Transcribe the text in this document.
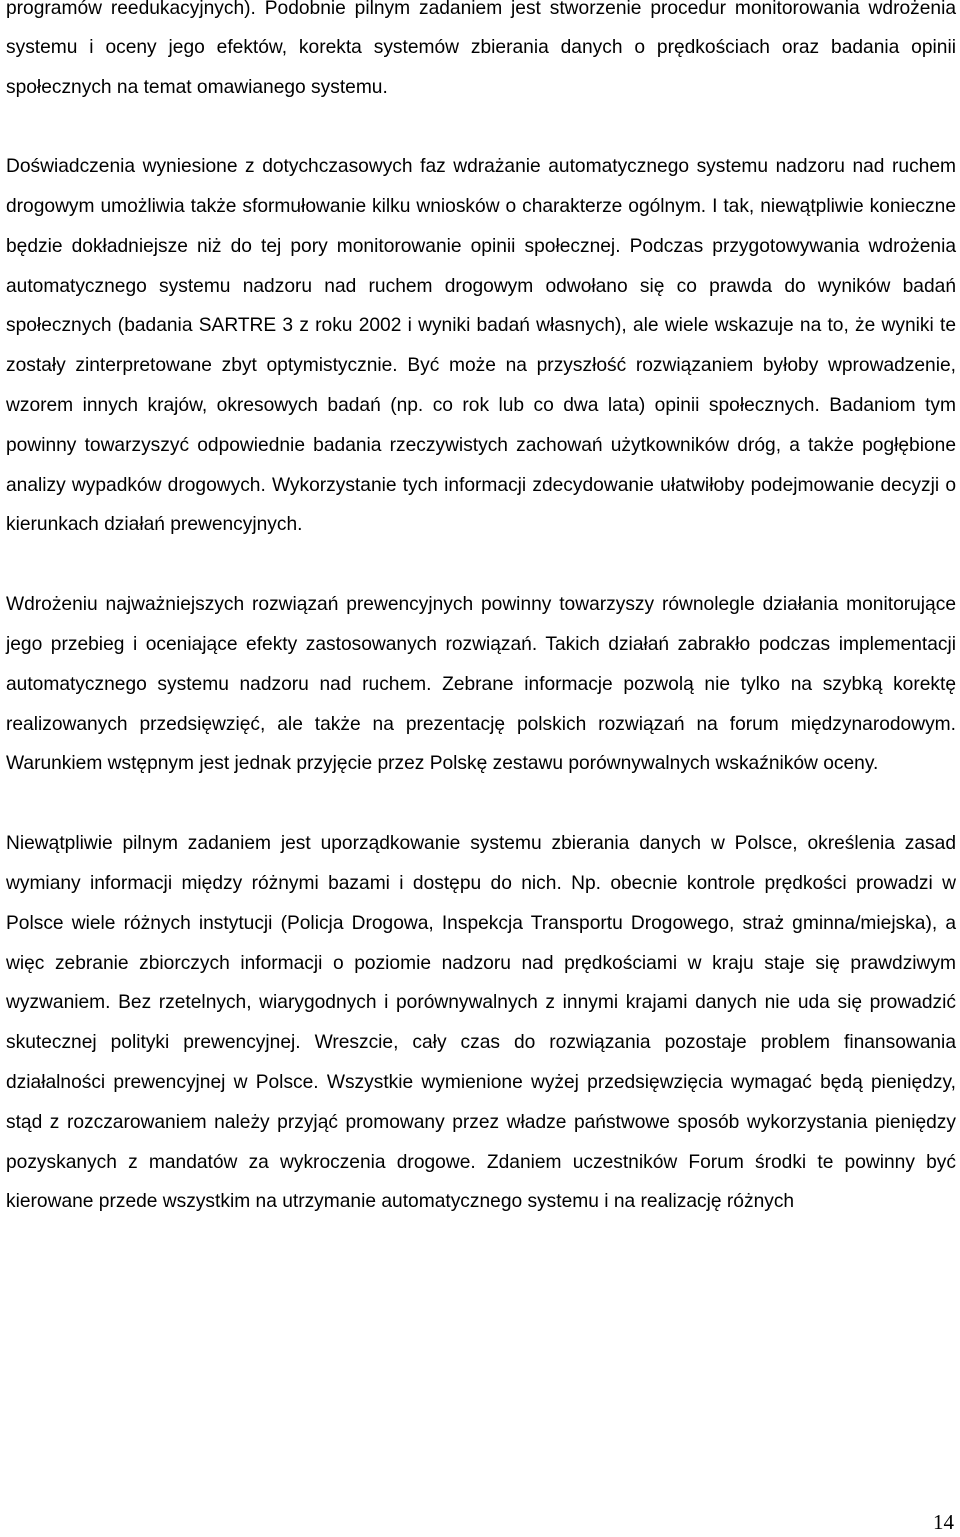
programów reedukacyjnych). Podobnie pilnym zadaniem jest stworzenie procedur monitorowania wdrożenia systemu i oceny jego efektów, korekta systemów zbierania danych o prędkościach oraz badania opinii społecznych na temat omawianego systemu.

Doświadczenia wyniesione z dotychczasowych faz wdrażanie automatycznego systemu nadzoru nad ruchem drogowym umożliwia także sformułowanie kilku wniosków o charakterze ogólnym. I tak, niewątpliwie konieczne będzie dokładniejsze niż do tej pory monitorowanie opinii społecznej. Podczas przygotowywania wdrożenia automatycznego systemu nadzoru nad ruchem drogowym odwołano się co prawda do wyników badań społecznych (badania SARTRE 3 z roku 2002 i wyniki badań własnych), ale wiele wskazuje na to, że wyniki te zostały zinterpretowane zbyt optymistycznie. Być może na przyszłość rozwiązaniem byłoby wprowadzenie, wzorem innych krajów, okresowych badań (np. co rok lub co dwa lata) opinii społecznych. Badaniom tym powinny towarzyszyć odpowiednie badania rzeczywistych zachowań użytkowników dróg, a także pogłębione analizy wypadków drogowych. Wykorzystanie tych informacji zdecydowanie ułatwiłoby podejmowanie decyzji o kierunkach działań prewencyjnych.

Wdrożeniu najważniejszych rozwiązań prewencyjnych powinny towarzyszy równolegle działania monitorujące jego przebieg i oceniające efekty zastosowanych rozwiązań. Takich działań zabrakło podczas implementacji automatycznego systemu nadzoru nad ruchem. Zebrane informacje pozwolą nie tylko na szybką korektę realizowanych przedsięwzięć, ale także na prezentację polskich rozwiązań na forum międzynarodowym. Warunkiem wstępnym jest jednak przyjęcie przez Polskę zestawu porównywalnych wskaźników oceny.

Niewątpliwie pilnym zadaniem jest uporządkowanie systemu zbierania danych w Polsce, określenia zasad wymiany informacji między różnymi bazami i dostępu do nich. Np. obecnie kontrole prędkości prowadzi w Polsce wiele różnych instytucji (Policja Drogowa, Inspekcja Transportu Drogowego, straż gminna/miejska), a więc zebranie zbiorczych informacji o poziomie nadzoru nad prędkościami w kraju staje się prawdziwym wyzwaniem. Bez rzetelnych, wiarygodnych i porównywalnych z innymi krajami danych nie uda się prowadzić skutecznej polityki prewencyjnej. Wreszcie, cały czas do rozwiązania pozostaje problem finansowania działalności prewencyjnej w Polsce. Wszystkie wymienione wyżej przedsięwzięcia wymagać będą pieniędzy, stąd z rozczarowaniem należy przyjąć promowany przez władze państwowe sposób wykorzystania pieniędzy pozyskanych z mandatów za wykroczenia drogowe. Zdaniem uczestników Forum środki te powinny być kierowane przede wszystkim na utrzymanie automatycznego systemu i na realizację różnych

14
